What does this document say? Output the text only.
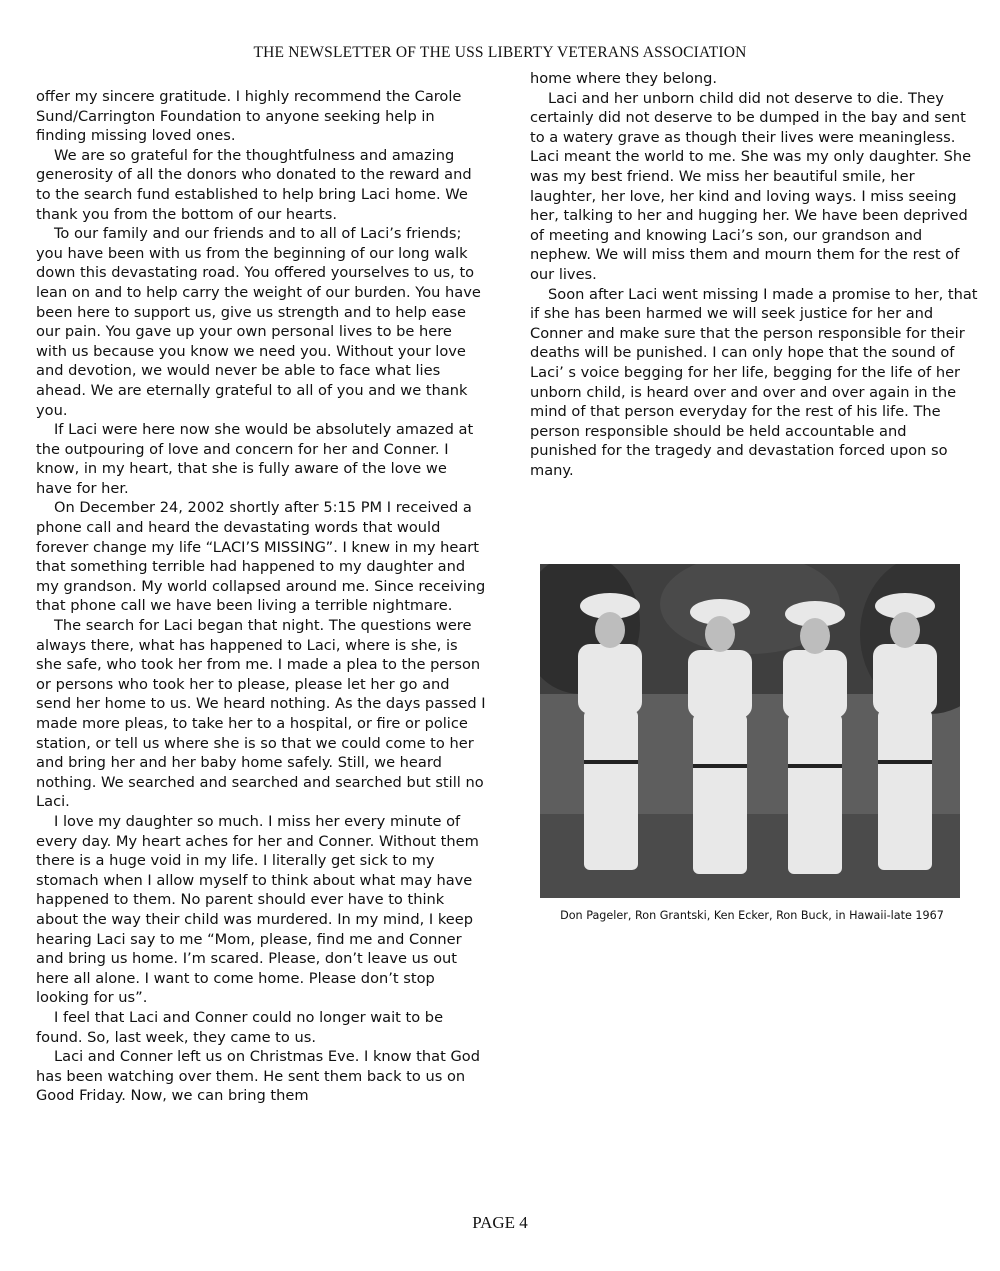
THE NEWSLETTER OF THE USS LIBERTY VETERANS ASSOCIATION

offer my sincere gratitude. I highly recommend the Carole Sund/Carrington Foundation to anyone seeking help in finding missing loved ones.

We are so grateful for the thoughtfulness and amazing generosity of all the donors who donated to the reward and to the search fund established to help bring Laci home. We thank you from the bottom of our hearts.

To our family and our friends and to all of Laci’s friends; you have been with us from the beginning of our long walk down this devastating road. You offered yourselves to us, to lean on and to help carry the weight of our burden. You have been here to support us, give us strength and to help ease our pain. You gave up your own personal lives to be here with us because you know we need you. Without your love and devotion, we would never be able to face what lies ahead. We are eternally grateful to all of you and we thank you.

If Laci were here now she would be absolutely amazed at the outpouring of love and concern for her and Conner. I know, in my heart, that she is fully aware of the love we have for her.

On December 24, 2002 shortly after 5:15 PM I received a phone call and heard the devastating words that would forever change my life “LACI’S MISSING”. I knew in my heart that something terrible had happened to my daughter and my grandson. My world collapsed around me. Since receiving that phone call we have been living a terrible nightmare.

The search for Laci began that night. The questions were always there, what has happened to Laci, where is she, is she safe, who took her from me. I made a plea to the person or persons who took her to please, please let her go and send her home to us. We heard nothing. As the days passed I made more pleas, to take her to a hospital, or fire or police station, or tell us where she is so that we could come to her and bring her and her baby home safely. Still, we heard nothing. We searched and searched and searched but still no Laci.

I love my daughter so much. I miss her every minute of every day. My heart aches for her and Conner. Without them there is a huge void in my life. I literally get sick to my stomach when I allow myself to think about what may have happened to them. No parent should ever have to think about the way their child was murdered. In my mind, I keep hearing Laci say to me “Mom, please, find me and Conner and bring us home. I’m scared. Please, don’t leave us out here all alone. I want to come home. Please don’t stop looking for us”.

I feel that Laci and Conner could no longer wait to be found. So, last week, they came to us.

Laci and Conner left us on Christmas Eve. I know that God has been watching over them. He sent them back to us on Good Friday. Now, we can bring them

home where they belong.

Laci and her unborn child did not deserve to die. They certainly did not deserve to be dumped in the bay and sent to a watery grave as though their lives were meaningless. Laci meant the world to me. She was my only daughter. She was my best friend. We miss her beautiful smile, her laughter, her love, her kind and loving ways. I miss seeing her, talking to her and hugging her. We have been deprived of meeting and knowing Laci’s son, our grandson and nephew. We will miss them and mourn them for the rest of our lives.

Soon after Laci went missing I made a promise to her, that if she has been harmed we will seek justice for her and Conner and make sure that the person responsible for their deaths will be punished. I can only hope that the sound of Laci’ s voice begging for her life, begging for the life of her unborn child, is heard over and over and over again in the mind of that person everyday for the rest of his life. The person responsible should be held accountable and punished for the tragedy and devastation forced upon so many.

Don Pageler, Ron Grantski, Ken Ecker, Ron Buck, in Hawaii-late 1967
PAGE 4
